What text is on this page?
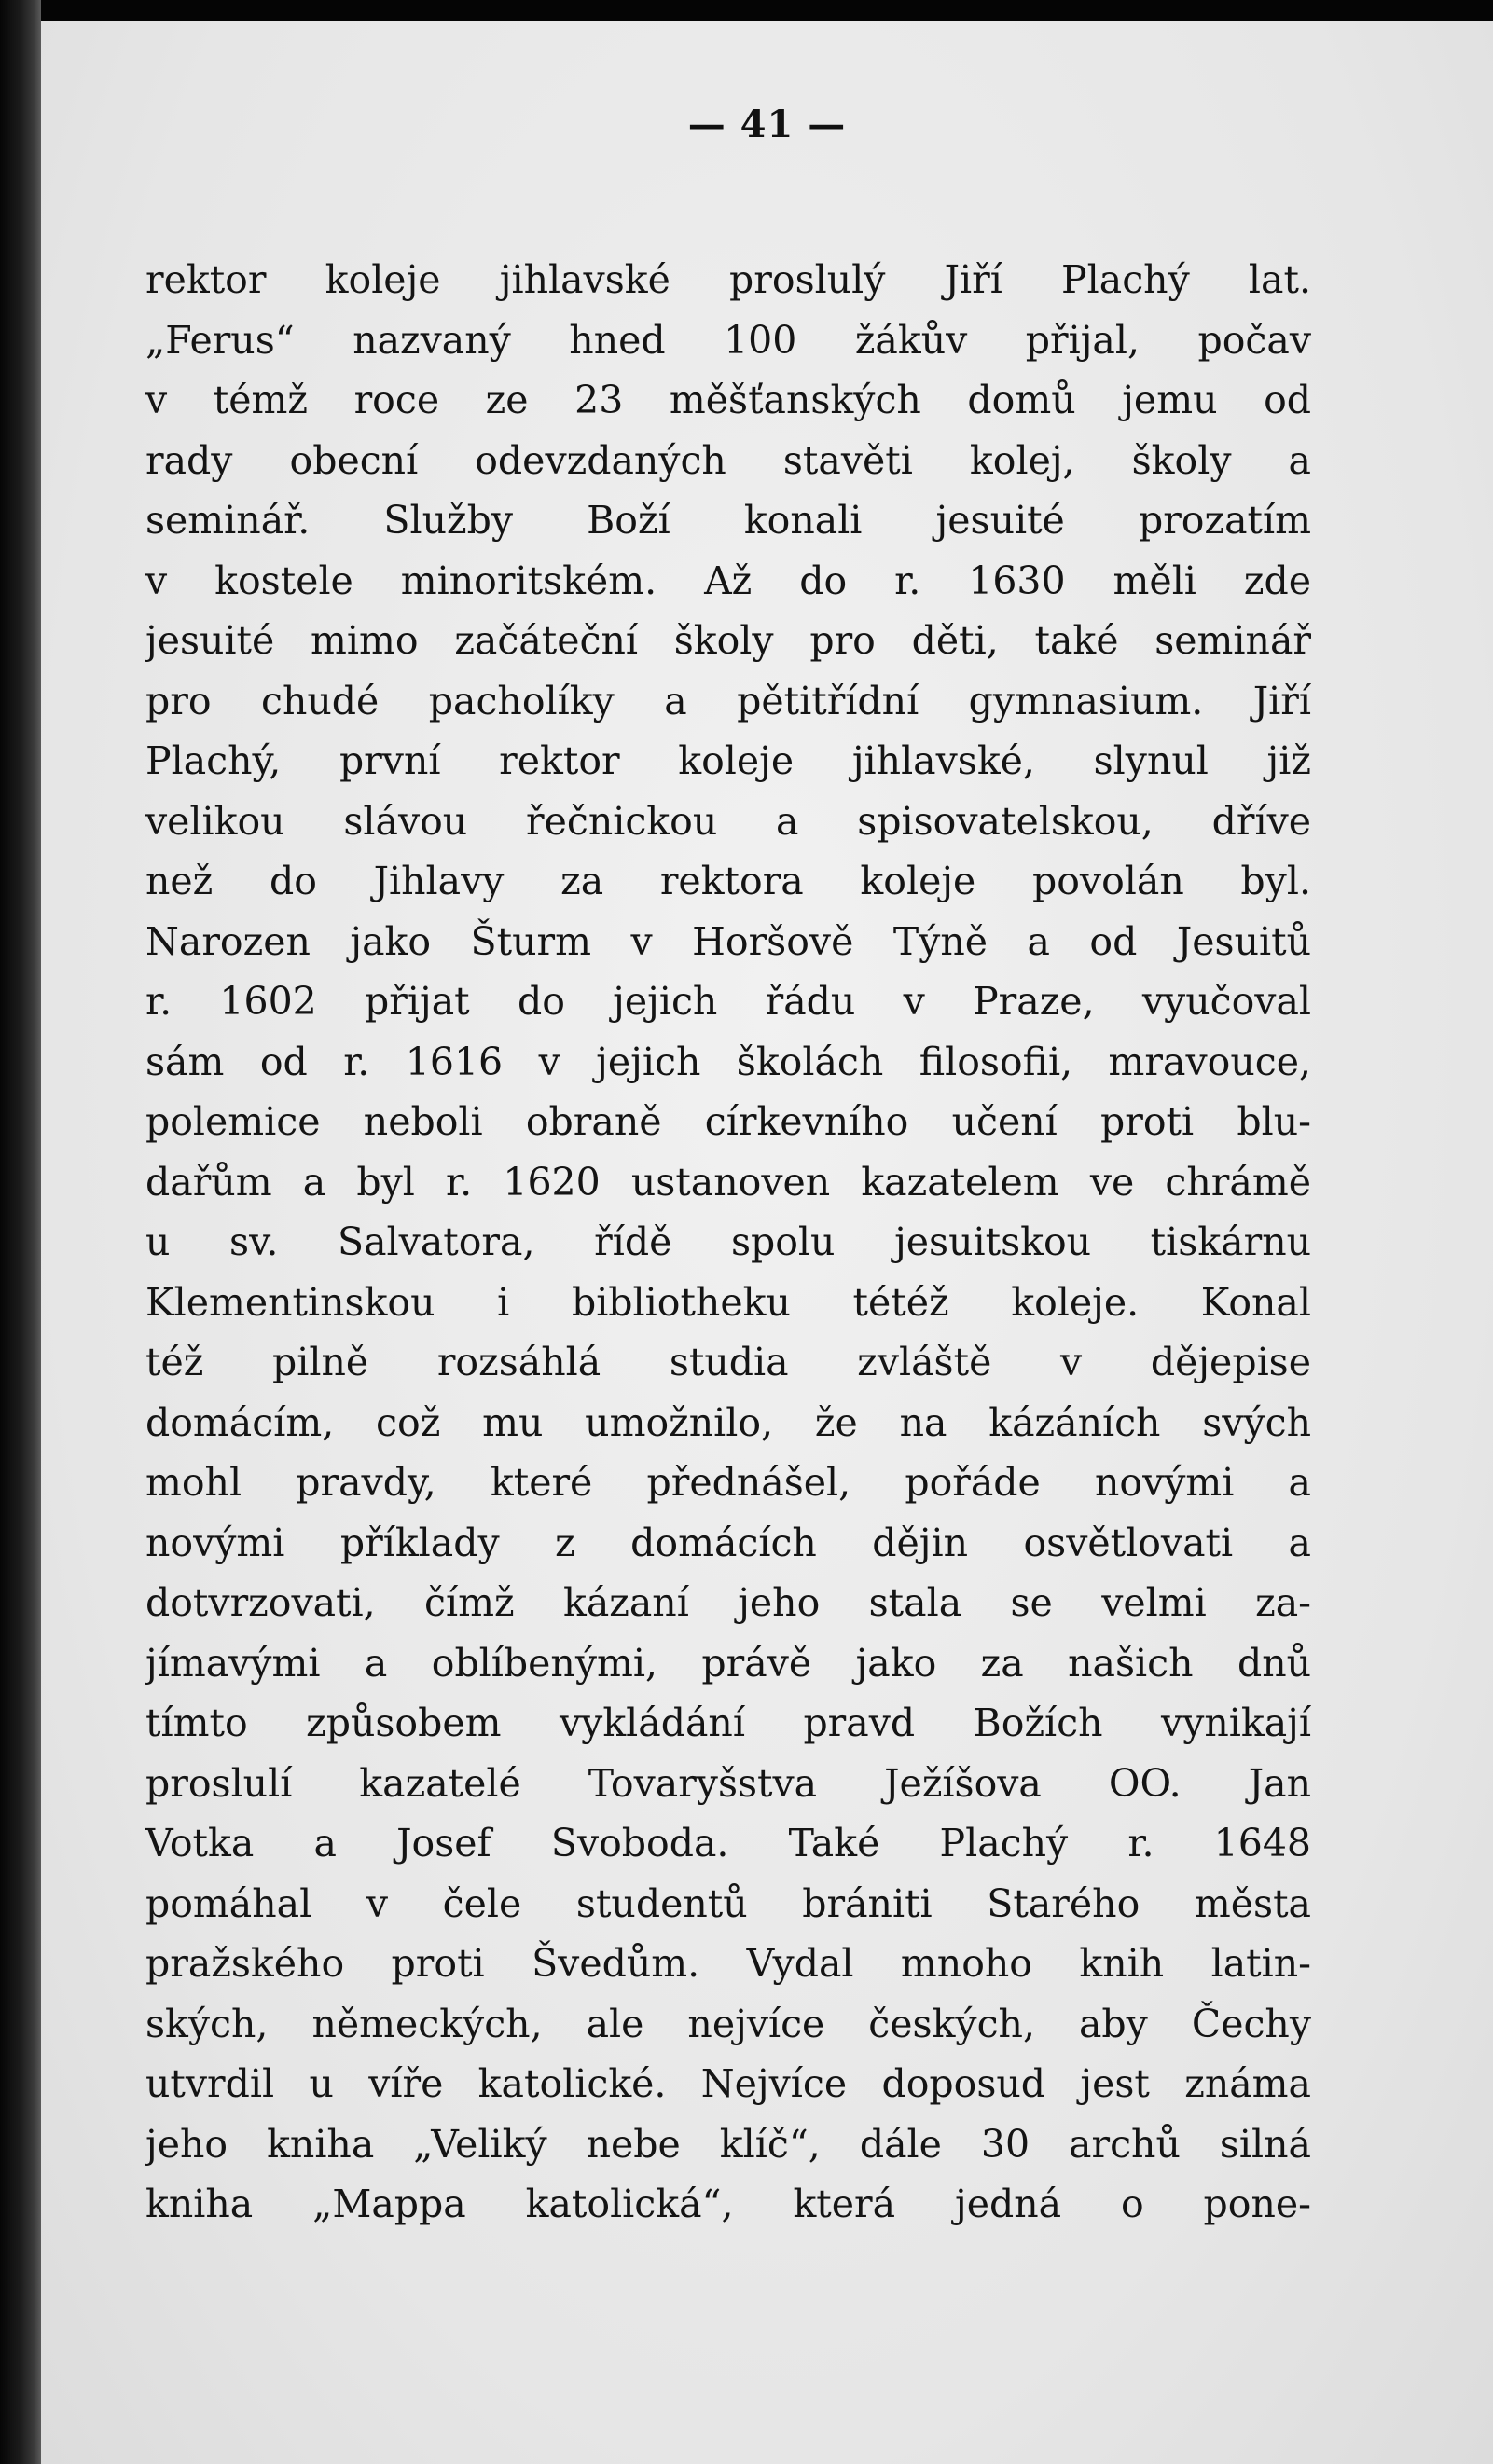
— 41 —
rektor koleje jihlavské proslulý Jiří Plachý lat.
„Ferus“ nazvaný hned 100 žákův přijal, počav
v témž roce ze 23 měšťanských domů jemu od
rady obecní odevzdaných stavěti kolej, školy a
seminář. Služby Boží konali jesuité prozatím
v kostele minoritském. Až do r. 1630 měli zde
jesuité mimo začáteční školy pro děti, také seminář
pro chudé pacholíky a pětitřídní gymnasium. Jiří
Plachý, první rektor koleje jihlavské, slynul již
velikou slávou řečnickou a spisovatelskou, dříve
než do Jihlavy za rektora koleje povolán byl.
Narozen jako Šturm v Horšově Týně a od Jesuitů
r. 1602 přijat do jejich řádu v Praze, vyučoval
sám od r. 1616 v jejich školách filosofii, mravouce,
polemice neboli obraně církevního učení proti blu-
dařům a byl r. 1620 ustanoven kazatelem ve chrámě
u sv. Salvatora, řídě spolu jesuitskou tiskárnu
Klementinskou i bibliotheku tétéž koleje. Konal
též pilně rozsáhlá studia zvláště v dějepise
domácím, což mu umožnilo, že na kázáních svých
mohl pravdy, které přednášel, pořáde novými a
novými příklady z domácích dějin osvětlovati a
dotvrzovati, čímž kázaní jeho stala se velmi za-
jímavými a oblíbenými, právě jako za našich dnů
tímto způsobem vykládání pravd Božích vynikají
proslulí kazatelé Tovaryšstva Ježíšova OO. Jan
Votka a Josef Svoboda. Také Plachý r. 1648
pomáhal v čele studentů brániti Starého města
pražského proti Švedům. Vydal mnoho knih latin-
ských, německých, ale nejvíce českých, aby Čechy
utvrdil u víře katolické. Nejvíce doposud jest známa
jeho kniha „Veliký nebe klíč“, dále 30 archů silná
kniha „Mappa katolická“, která jedná o pone-
